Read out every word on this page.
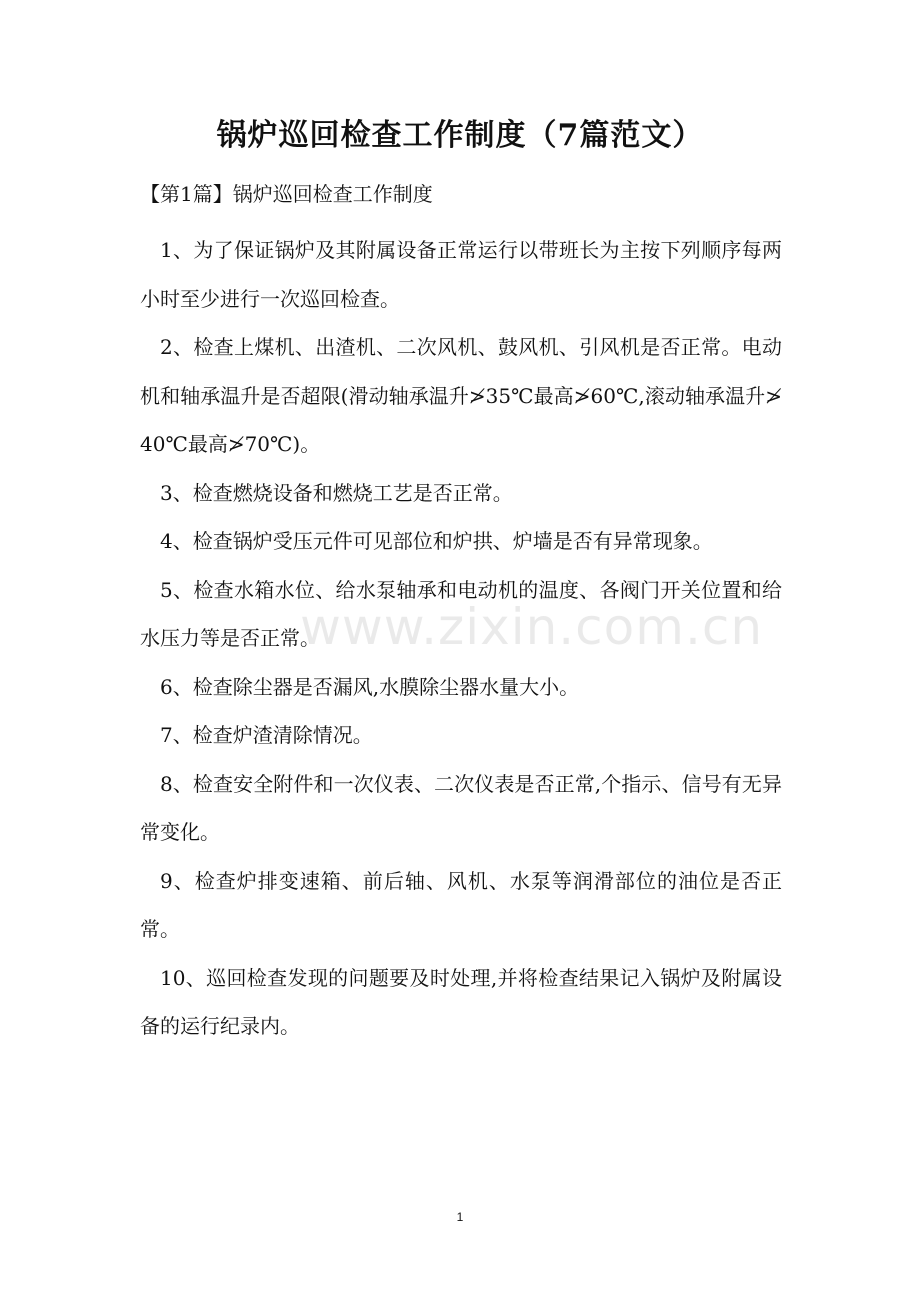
锅炉巡回检查工作制度（7篇范文）

【第1篇】锅炉巡回检查工作制度

1、为了保证锅炉及其附属设备正常运行以带班长为主按下列顺序每两小时至少进行一次巡回检查。

2、检查上煤机、出渣机、二次风机、鼓风机、引风机是否正常。电动机和轴承温升是否超限(滑动轴承温升≯35℃最高≯60℃,滚动轴承温升≯40℃最高≯70℃)。

3、检查燃烧设备和燃烧工艺是否正常。

4、检查锅炉受压元件可见部位和炉拱、炉墙是否有异常现象。

5、检查水箱水位、给水泵轴承和电动机的温度、各阀门开关位置和给水压力等是否正常。

6、检查除尘器是否漏风,水膜除尘器水量大小。

7、检查炉渣清除情况。

8、检查安全附件和一次仪表、二次仪表是否正常,个指示、信号有无异常变化。

9、检查炉排变速箱、前后轴、风机、水泵等润滑部位的油位是否正常。

10、巡回检查发现的问题要及时处理,并将检查结果记入锅炉及附属设备的运行纪录内。

www.zixin.com.cn
1
